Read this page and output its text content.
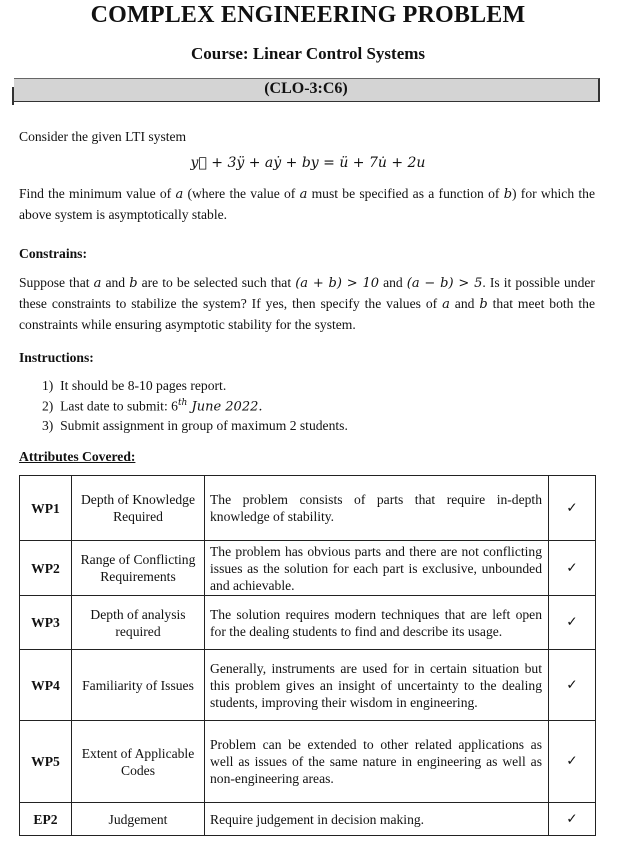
COMPLEX ENGINEERING PROBLEM
Course: Linear Control Systems
(CLO-3:C6)
Consider the given LTI system
y⃛ + 3ÿ + aẏ + by = ü + 7u̇ + 2u
Find the minimum value of a (where the value of a must be specified as a function of b) for which the above system is asymptotically stable.
Constrains:
Suppose that a and b are to be selected such that (a + b) > 10 and (a − b) > 5. Is it possible under these constraints to stabilize the system? If yes, then specify the values of a and b that meet both the constraints while ensuring asymptotic stability for the system.
Instructions:
1) It should be 8-10 pages report.
2) Last date to submit: 6th June 2022.
3) Submit assignment in group of maximum 2 students.
Attributes Covered:
WP1	Depth of Knowledge Required	The problem consists of parts that require in-depth knowledge of stability.	✓
WP2	Range of Conflicting Requirements	The problem has obvious parts and there are not conflicting issues as the solution for each part is exclusive, unbounded and achievable.	✓
WP3	Depth of analysis required	The solution requires modern techniques that are left open for the dealing students to find and describe its usage.	✓
WP4	Familiarity of Issues	Generally, instruments are used for in certain situation but this problem gives an insight of uncertainty to the dealing students, improving their wisdom in engineering.	✓
WP5	Extent of Applicable Codes	Problem can be extended to other related applications as well as issues of the same nature in engineering as well as non-engineering areas.	✓
EP2	Judgement	Require judgement in decision making.	✓
